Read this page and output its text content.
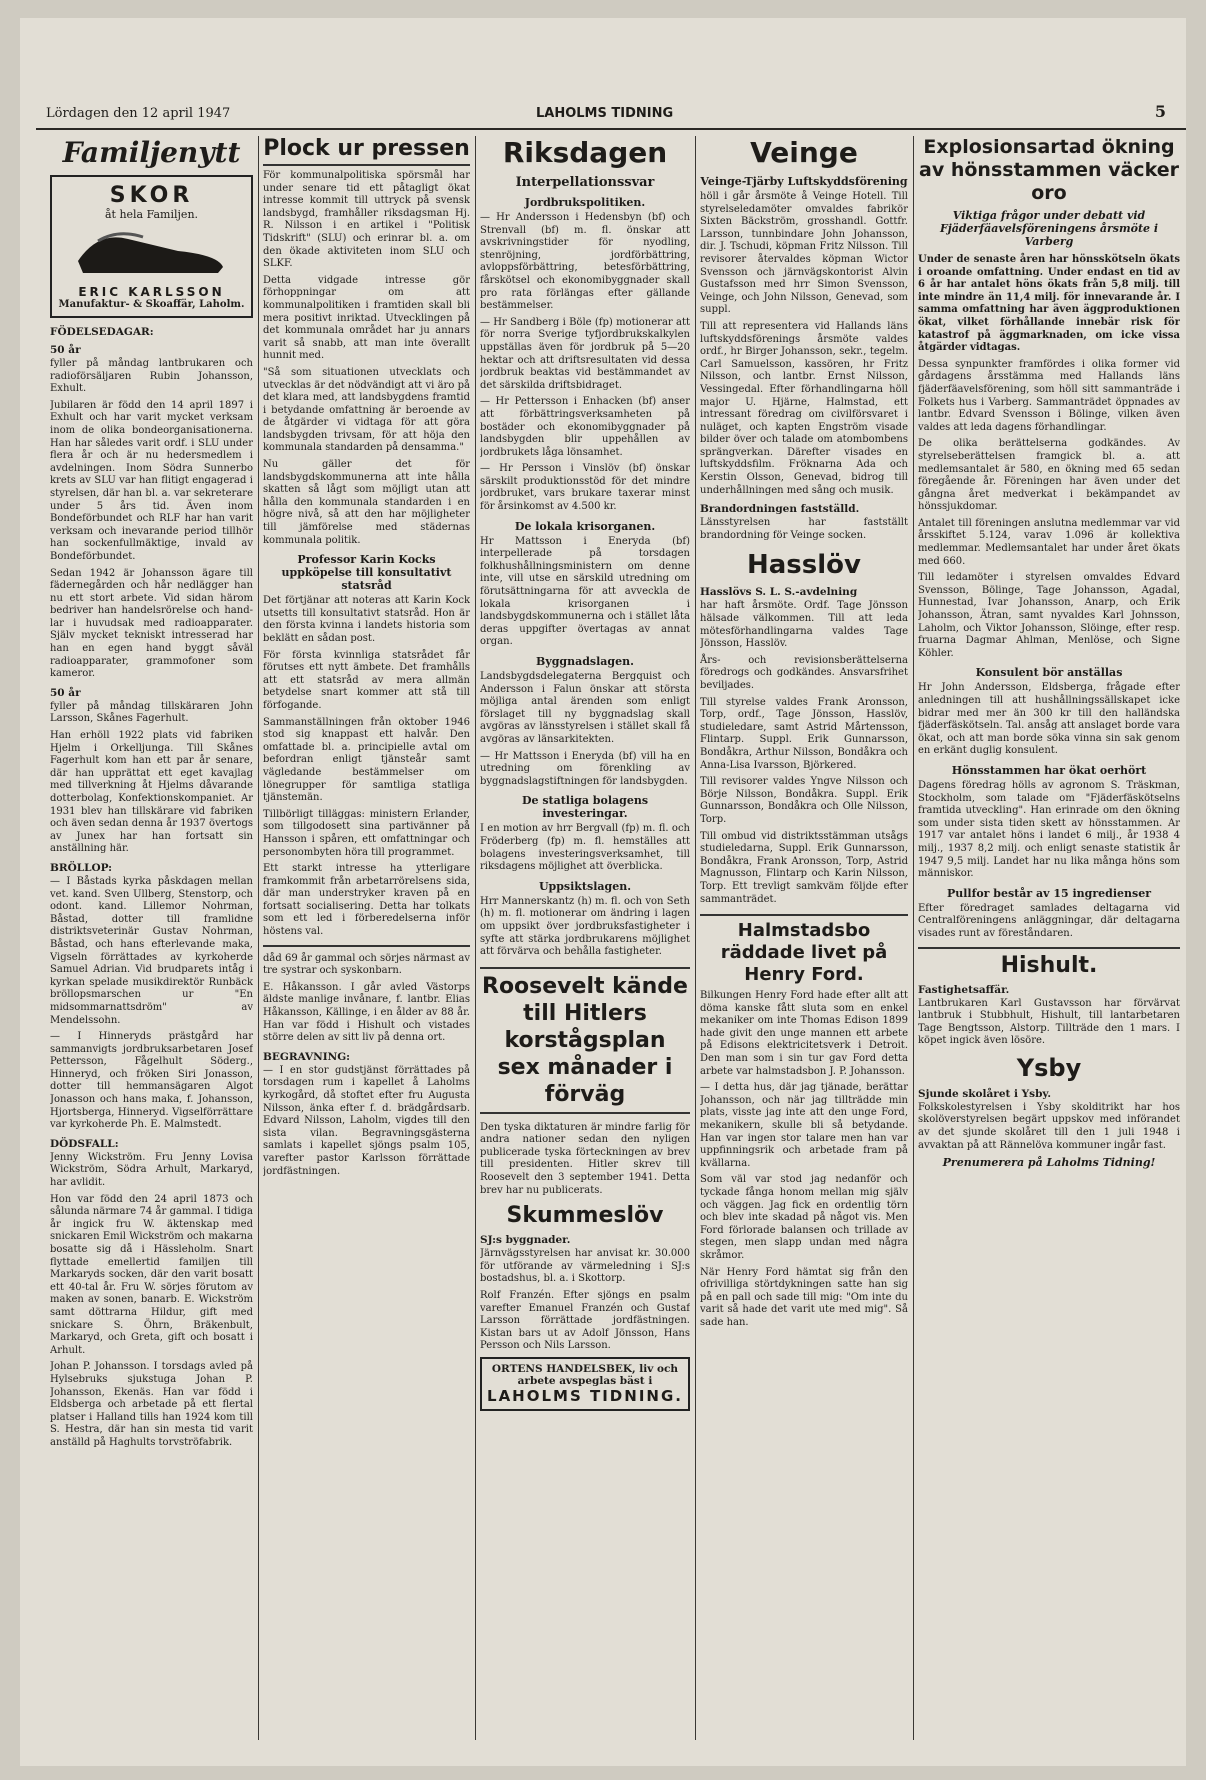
Lördagen den 12 april 1947	LAHOLMS TIDNING	5
Familjenytt
SKOR
åt hela Familjen.
ERIC KARLSSON
Manufaktur- & Skoaffär, Laholm.
FÖDELSEDAGAR:
50 år

fyller på måndag lantbrukaren och radioförsäljaren Rubin Johansson, Exhult.

Jubilaren är född den 14 april 1897 i Exhult och har varit mycket verksam inom de olika bondeorganisationerna. Han har således varit ordf. i SLU under flera år och är nu hedersmedlem i avdelningen. Inom Södra Sunnerbo krets av SLU var han flitigt engagerad i styrelsen, där han bl. a. var sekreterare under 5 års tid. Även inom Bondeförbundet och RLF har han varit verksam och inevarande period tillhör han sockenfullmäktige, invald av Bondeförbundet.

Sedan 1942 är Johansson ägare till fädernegården och hår nedlägger han nu ett stort arbete. Vid sidan härom bedriver han handelsrörelse och handlar i huvudsak med radioapparater. Själv mycket tekniskt intresserad har han en egen hand byggt såväl radioapparater, grammofoner som kameror.

50 år

fyller på måndag tillskäraren John Larsson, Skånes Fagerhult.

Han erhöll 1922 plats vid fabriken Hjelm i Orkelljunga. Till Skånes Fagerhult kom han ett par år senare, där han upprättat ett eget kavajlag med tillverkning åt Hjelms dåvarande dotterbolag, Konfektionskompaniet. Ar 1931 blev han tillskärare vid fabriken och även sedan denna år 1937 övertogs av Junex har han fortsatt sin anställning här.

BRÖLLOP:

— I Båstads kyrka påskdagen mellan vet. kand. Sven Ullberg, Stenstorp, och odont. kand. Lillemor Nohrman, Båstad, dotter till framlidne distriktsveterinär Gustav Nohrman, Båstad, och hans efterlevande maka, Vigseln förrättades av kyrkoherde Samuel Adrian. Vid brudparets intåg i kyrkan spelade musikdirektör Runbäck bröllopsmarschen ur "En midsommarnattsdröm" av Mendelssohn.

— I Hinneryds prästgård har sammanvigts jordbruksarbetaren Josef Pettersson, Fågelhult Söderg., Hinneryd, och fröken Siri Jonasson, dotter till hemmansägaren Algot Jonasson och hans maka, f. Johansson, Hjortsberga, Hinneryd. Vigselförrättare var kyrkoherde Ph. E. Malmstedt.

DÖDSFALL:

Jenny Wickström. Fru Jenny Lovisa Wickström, Södra Arhult, Markaryd, har avlidit.

Hon var född den 24 april 1873 och sålunda närmare 74 år gammal. I tidiga år ingick fru W. äktenskap med snickaren Emil Wickström och makarna bosatte sig då i Hässleholm. Snart flyttade emellertid familjen till Markaryds socken, där den varit bosatt ett 40-tal år. Fru W. sörjes förutom av maken av sonen, banarb. E. Wickström samt döttrarna Hildur, gift med snickare S. Öhrn, Bräkenbult, Markaryd, och Greta, gift och bosatt i Arhult.

Johan P. Johansson. I torsdags avled på Hylsebruks sjukstuga Johan P. Johansson, Ekenäs. Han var född i Eldsberga och arbetade på ett flertal platser i Halland tills han 1924 kom till S. Hestra, där han sin mesta tid varit anställd på Haghults torvströfabrik.

Plock ur pressen

För kommunalpolitiska spörsmål har under senare tid ett påtagligt ökat intresse kommit till uttryck på svensk landsbygd, framhåller riksdagsman Hj. R. Nilsson i en artikel i "Politisk Tidskrift" (SLU) och erinrar bl. a. om den ökade aktiviteten inom SLU och SLKF.

Detta vidgade intresse gör förhoppningar om att kommunalpolitiken i framtiden skall bli mera positivt inriktad. Utvecklingen på det kommunala området har ju annars varit så snabb, att man inte överallt hunnit med.

"Så som situationen utvecklats och utvecklas är det nödvändigt att vi äro på det klara med, att landsbygdens framtid i betydande omfattning är beroende av de åtgärder vi vidtaga för att göra landsbygden trivsam, för att höja den kommunala standarden på densamma."

Nu gäller det för landsbygdskommunerna att inte hålla skatten så lågt som möjligt utan att hålla den kommunala standarden i en högre nivå, så att den har möjligheter till jämförelse med städernas kommunala politik.

Professor Karin Kocks uppköpelse till konsultativt statsråd

Det förtjänar att noteras att Karin Kock utsetts till konsultativt statsråd. Hon är den första kvinna i landets historia som beklätt en sådan post.

För första kvinnliga statsrådet får förutses ett nytt ämbete. Det framhålls att ett statsråd av mera allmän betydelse snart kommer att stå till förfogande.

Sammanställningen från oktober 1946 stod sig knappast ett halvår. Den omfattade bl. a. principielle avtal om befordran enligt tjänsteår samt vägledande bestämmelser om lönegrupper för samtliga statliga tjänstemän.

Tillbörligt tilläggas: ministern Erlander, som tillgodosett sina partivänner på Hansson i spåren, ett omfattningar och personombyten höra till programmet.

Ett starkt intresse ha ytterligare framkommit från arbetarrörelsens sida, där man understryker kraven på en fortsatt socialisering. Detta har tolkats som ett led i förberedelserna inför höstens val.

dåd 69 år gammal och sörjes närmast av tre systrar och syskonbarn.

E. Håkansson. I går avled Västorps äldste manlige invånare, f. lantbr. Elias Håkansson, Källinge, i en ålder av 88 år. Han var född i Hishult och vistades större delen av sitt liv på denna ort.

BEGRAVNING:

— I en stor gudstjänst förrättades på torsdagen rum i kapellet å Laholms kyrkogård, då stoftet efter fru Augusta Nilsson, änka efter f. d. brädgårdsarb. Edvard Nilsson, Laholm, vigdes till den sista vilan. Begravningsgästerna samlats i kapellet sjöngs psalm 105, varefter pastor Karlsson förrättade jordfästningen.

Riksdagen
Interpellationssvar
Jordbrukspolitiken.

— Hr Andersson i Hedensbyn (bf) och Strenvall (bf) m. fl. önskar att avskrivningstider för nyodling, stenröjning, jordförbättring, avloppsförbättring, betesförbättring, fårskötsel och ekonomibyggnader skall pro rata förlängas efter gällande bestämmelser.

— Hr Sandberg i Böle (fp) motionerar att för norra Sverige tyfjordbrukskalkylen uppställas även för jordbruk på 5—20 hektar och att driftsresultaten vid dessa jordbruk beaktas vid bestämmandet av det särskilda driftsbidraget.

— Hr Pettersson i Enhacken (bf) anser att förbättringsverksamheten på bostäder och ekonomibyggnader på landsbygden blir uppehållen av jordbrukets låga lönsamhet.

— Hr Persson i Vinslöv (bf) önskar särskilt produktionsstöd för det mindre jordbruket, vars brukare taxerar minst för årsinkomst av 4.500 kr.

De lokala krisorganen.

Hr Mattsson i Eneryda (bf) interpellerade på torsdagen folkhushållningsministern om denne inte, vill utse en särskild utredning om förutsättningarna för att avveckla de lokala krisorganen i landsbygdskommunerna och i stället låta deras uppgifter övertagas av annat organ.

Byggnadslagen.

Landsbygdsdelegaterna Bergquist och Andersson i Falun önskar att största möjliga antal ärenden som enligt förslaget till ny byggnadslag skall avgöras av länsstyrelsen i stället skall få avgöras av länsarkitekten.

— Hr Mattsson i Eneryda (bf) vill ha en utredning om förenkling av byggnadslagstiftningen för landsbygden.

De statliga bolagens investeringar.

I en motion av hrr Bergvall (fp) m. fl. och Fröderberg (fp) m. fl. hemställes att bolagens investeringsverksamhet, till riksdagens möjlighet att överblicka.

Uppsiktslagen.

Hrr Mannerskantz (h) m. fl. och von Seth (h) m. fl. motionerar om ändring i lagen om uppsikt över jordbruksfastigheter i syfte att stärka jordbrukarens möjlighet att förvärva och behålla fastigheter.

Roosevelt kände till Hitlers korstågsplan sex månader i förväg

Den tyska diktaturen är mindre farlig för andra nationer sedan den nyligen publicerade tyska förteckningen av brev till presidenten. Hitler skrev till Roosevelt den 3 september 1941. Detta brev har nu publicerats.

Skummeslöv
SJ:s byggnader.

Järnvägsstyrelsen har anvisat kr. 30.000 för utförande av värmeledning i SJ:s bostadshus, bl. a. i Skottorp.

Rolf Franzén. Efter sjöngs en psalm varefter Emanuel Franzén och Gustaf Larsson förrättade jordfästningen. Kistan bars ut av Adolf Jönsson, Hans Persson och Nils Larsson.

ORTENS HANDELSBEK, liv och arbete avspeglas bäst i
LAHOLMS TIDNING.
Veinge
Veinge-Tjärby Luftskyddsförening

höll i går årsmöte å Veinge Hotell. Till styrelseledamöter omvaldes fabrikör Sixten Bäckström, grosshandl. Gottfr. Larsson, tunnbindare John Johansson, dir. J. Tschudi, köpman Fritz Nilsson. Till revisorer återvaldes köpman Wictor Svensson och järnvägskontorist Alvin Gustafsson med hrr Simon Svensson, Veinge, och John Nilsson, Genevad, som suppl.

Till att representera vid Hallands läns luftskyddsförenings årsmöte valdes ordf., hr Birger Johansson, sekr., tegelm. Carl Samuelsson, kassören, hr Fritz Nilsson, och lantbr. Ernst Nilsson, Vessingedal. Efter förhandlingarna höll major U. Hjärne, Halmstad, ett intressant föredrag om civilförsvaret i nuläget, och kapten Engström visade bilder över och talade om atombombens sprängverkan. Därefter visades en luftskyddsfilm. Fröknarna Ada och Kerstin Olsson, Genevad, bidrog till underhållningen med sång och musik.

Brandordningen fastställd.

Länsstyrelsen har fastställt brandordning för Veinge socken.

Hasslöv
Hasslövs S. L. S.-avdelning

har haft årsmöte. Ordf. Tage Jönsson hälsade välkommen. Till att leda mötesförhandlingarna valdes Tage Jönsson, Hasslöv.

Års- och revisionsberättelserna föredrogs och godkändes. Ansvarsfrihet beviljades.

Till styrelse valdes Frank Aronsson, Torp, ordf., Tage Jönsson, Hasslöv, studieledare, samt Astrid Mårtensson, Flintarp. Suppl. Erik Gunnarsson, Bondåkra, Arthur Nilsson, Bondåkra och Anna-Lisa Ivarsson, Björkered.

Till revisorer valdes Yngve Nilsson och Börje Nilsson, Bondåkra. Suppl. Erik Gunnarsson, Bondåkra och Olle Nilsson, Torp.

Till ombud vid distriktsstämman utsågs studieledarna, Suppl. Erik Gunnarsson, Bondåkra, Frank Aronsson, Torp, Astrid Magnusson, Flintarp och Karin Nilsson, Torp. Ett trevligt samkväm följde efter sammanträdet.

Halmstadsbo räddade livet på Henry Ford.

Bilkungen Henry Ford hade efter allt att döma kanske fått sluta som en enkel mekaniker om inte Thomas Edison 1899 hade givit den unge mannen ett arbete på Edisons elektricitetsverk i Detroit. Den man som i sin tur gav Ford detta arbete var halmstadsbon J. P. Johansson.

— I detta hus, där jag tjänade, berättar Johansson, och när jag tillträdde min plats, visste jag inte att den unge Ford, mekanikern, skulle bli så betydande. Han var ingen stor talare men han var uppfinningsrik och arbetade fram på kvällarna.

Som väl var stod jag nedanför och tyckade fånga honom mellan mig själv och väggen. Jag fick en ordentlig törn och blev inte skadad på något vis. Men Ford förlorade balansen och trillade av stegen, men slapp undan med några skråmor.

När Henry Ford hämtat sig från den ofrivilliga störtdykningen satte han sig på en pall och sade till mig: "Om inte du varit så hade det varit ute med mig". Så sade han.

Explosionsartad ökning av hönsstammen väcker oro
Viktiga frågor under debatt vid Fjäderfäavelsföreningens årsmöte i Varberg

Under de senaste åren har hönsskötseln ökats i oroande omfattning. Under endast en tid av 6 år har antalet höns ökats från 5,8 milj. till inte mindre än 11,4 milj. för innevarande år. I samma omfattning har även äggproduktionen ökat, vilket förhållande innebär risk för katastrof på äggmarknaden, om icke vissa åtgärder vidtagas.

Dessa synpunkter framfördes i olika former vid gårdagens årsstämma med Hallands läns fjäderfäavelsförening, som höll sitt sammanträde i Folkets hus i Varberg. Sammanträdet öppnades av lantbr. Edvard Svensson i Bölinge, vilken även valdes att leda dagens förhandlingar.

De olika berättelserna godkändes. Av styrelseberättelsen framgick bl. a. att medlemsantalet är 580, en ökning med 65 sedan föregående år. Föreningen har även under det gångna året medverkat i bekämpandet av hönssjukdomar.

Antalet till föreningen anslutna medlemmar var vid årsskiftet 5.124, varav 1.096 är kollektiva medlemmar. Medlemsantalet har under året ökats med 660.

Till ledamöter i styrelsen omvaldes Edvard Svensson, Bölinge, Tage Johansson, Agadal, Hunnestad, Ivar Johansson, Anarp, och Erik Johansson, Ätran, samt nyvaldes Karl Johnsson, Laholm, och Viktor Johansson, Slöinge, efter resp. fruarna Dagmar Ahlman, Menlöse, och Signe Köhler.

Konsulent bör anställas

Hr John Andersson, Eldsberga, frågade efter anledningen till att hushållningssällskapet icke bidrar med mer än 300 kr till den halländska fjäderfäskötseln. Tal. ansåg att anslaget borde vara ökat, och att man borde söka vinna sin sak genom en erkänt duglig konsulent.

Hönsstammen har ökat oerhört

Dagens föredrag hölls av agronom S. Träskman, Stockholm, som talade om "Fjäderfäskötselns framtida utveckling". Han erinrade om den ökning som under sista tiden skett av hönsstammen. Ar 1917 var antalet höns i landet 6 milj., år 1938 4 milj., 1937 8,2 milj. och enligt senaste statistik år 1947 9,5 milj. Landet har nu lika många höns som människor.

Pullfor består av 15 ingredienser

Efter föredraget samlades deltagarna vid Centralföreningens anläggningar, där deltagarna visades runt av föreståndaren.

Hishult.
Fastighetsaffär.

Lantbrukaren Karl Gustavsson har förvärvat lantbruk i Stubbhult, Hishult, till lantarbetaren Tage Bengtsson, Alstorp. Tillträde den 1 mars. I köpet ingick även lösöre.

Ysby
Sjunde skolåret i Ysby.

Folkskolestyrelsen i Ysby skolditrikt har hos skolöverstyrelsen begärt uppskov med införandet av det sjunde skolåret till den 1 juli 1948 i avvaktan på att Rännelöva kommuner ingår fast.

Prenumerera på Laholms Tidning!
